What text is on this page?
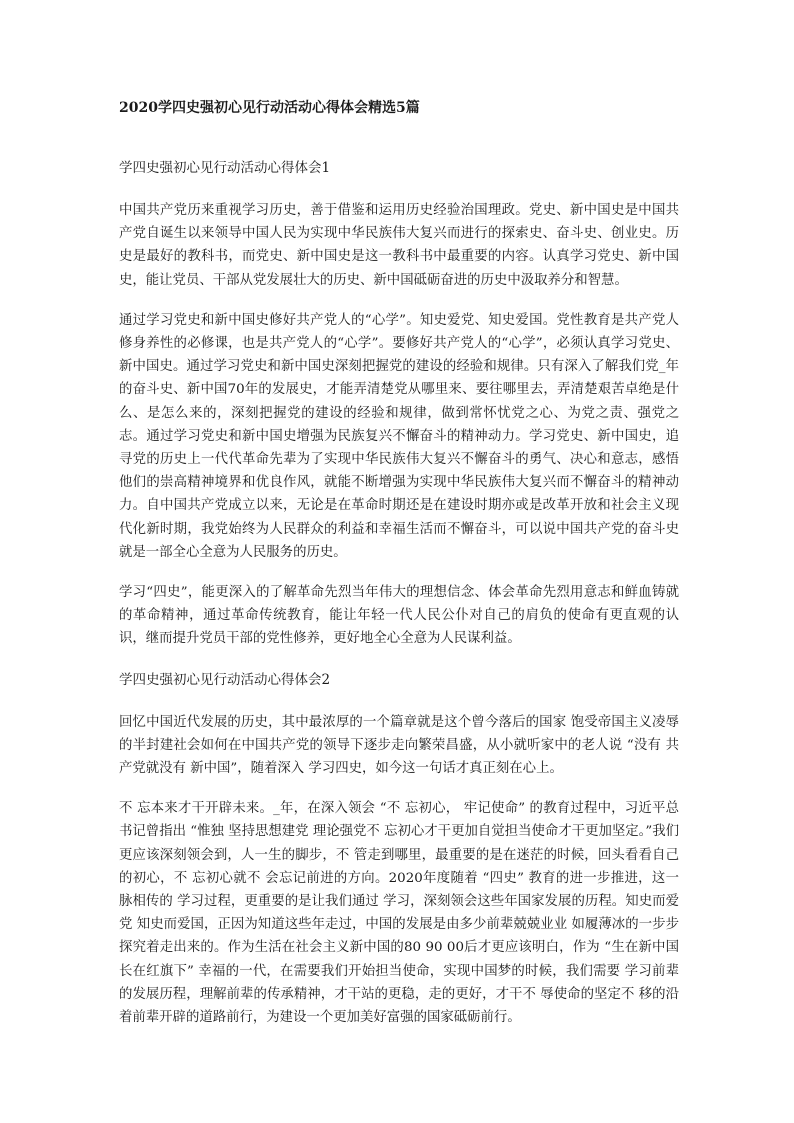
2020学四史强初心见行动活动心得体会精选5篇
学四史强初心见行动活动心得体会1

中国共产党历来重视学习历史，善于借鉴和运用历史经验治国理政。党史、新中国史是中国共产党自诞生以来领导中国人民为实现中华民族伟大复兴而进行的探索史、奋斗史、创业史。历史是最好的教科书，而党史、新中国史是这一教科书中最重要的内容。认真学习党史、新中国史，能让党员、干部从党发展壮大的历史、新中国砥砺奋进的历史中汲取养分和智慧。

通过学习党史和新中国史修好共产党人的“心学”。知史爱党、知史爱国。党性教育是共产党人修身养性的必修课，也是共产党人的“心学”。要修好共产党人的“心学”，必须认真学习党史、新中国史。通过学习党史和新中国史深刻把握党的建设的经验和规律。只有深入了解我们党_年的奋斗史、新中国70年的发展史，才能弄清楚党从哪里来、要往哪里去，弄清楚艰苦卓绝是什么、是怎么来的，深刻把握党的建设的经验和规律，做到常怀忧党之心、为党之责、强党之志。通过学习党史和新中国史增强为民族复兴不懈奋斗的精神动力。学习党史、新中国史，追寻党的历史上一代代革命先辈为了实现中华民族伟大复兴不懈奋斗的勇气、决心和意志，感悟他们的崇高精神境界和优良作风，就能不断增强为实现中华民族伟大复兴而不懈奋斗的精神动力。自中国共产党成立以来，无论是在革命时期还是在建设时期亦或是改革开放和社会主义现代化新时期，我党始终为人民群众的利益和幸福生活而不懈奋斗，可以说中国共产党的奋斗史就是一部全心全意为人民服务的历史。

学习“四史”，能更深入的了解革命先烈当年伟大的理想信念、体会革命先烈用意志和鲜血铸就的革命精神，通过革命传统教育，能让年轻一代人民公仆对自己的肩负的使命有更直观的认识，继而提升党员干部的党性修养，更好地全心全意为人民谋利益。

学四史强初心见行动活动心得体会2

回忆中国近代发展的历史，其中最浓厚的一个篇章就是这个曾今落后的国家 饱受帝国主义凌辱的半封建社会如何在中国共产党的领导下逐步走向繁荣昌盛，从小就听家中的老人说 “没有 共产党就没有 新中国”，随着深入 学习四史，如今这一句话才真正刻在心上。

不 忘本来才干开辟未来。_年，在深入领会 “不 忘初心， 牢记使命” 的教育过程中，习近平总书记曾指出 “惟独 坚持思想建党 理论强党不 忘初心才干更加自觉担当使命才干更加坚定。”我们更应该深刻领会到，人一生的脚步，不 管走到哪里，最重要的是在迷茫的时候，回头看看自己的初心，不 忘初心就不 会忘记前进的方向。2020年度随着 “四史” 教育的进一步推进，这一脉相传的 学习过程，更重要的是让我们通过 学习，深刻领会这些年国家发展的历程。知史而爱党 知史而爱国，正因为知道这些年走过，中国的发展是由多少前辈兢兢业业 如履薄冰的一步步探究着走出来的。作为生活在社会主义新中国的80 90 00后才更应该明白，作为 “生在新中国 长在红旗下” 幸福的一代，在需要我们开始担当使命，实现中国梦的时候，我们需要 学习前辈的发展历程，理解前辈的传承精神，才干站的更稳，走的更好，才干不 辱使命的坚定不 移的沿着前辈开辟的道路前行，为建设一个更加美好富强的国家砥砺前行。
